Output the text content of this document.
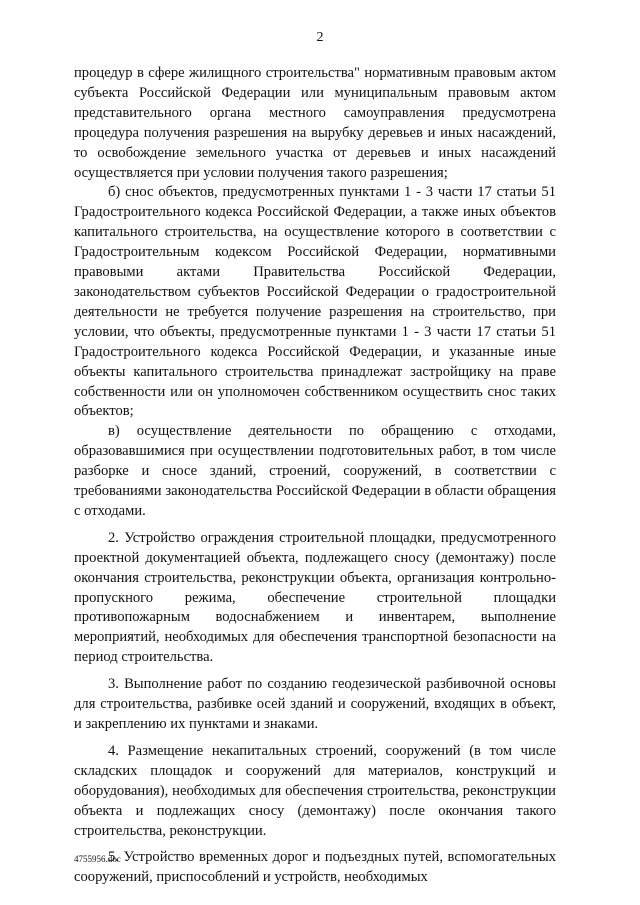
2

процедур в сфере жилищного строительства" нормативным правовым актом субъекта Российской Федерации или муниципальным правовым актом представительного органа местного самоуправления предусмотрена процедура получения разрешения на вырубку деревьев и иных насаждений, то освобождение земельного участка от деревьев и иных насаждений осуществляется при условии получения такого разрешения;

б) снос объектов, предусмотренных пунктами 1 - 3 части 17 статьи 51 Градостроительного кодекса Российской Федерации, а также иных объектов капитального строительства, на осуществление которого в соответствии с Градостроительным кодексом Российской Федерации, нормативными правовыми актами Правительства Российской Федерации, законодательством субъектов Российской Федерации о градостроительной деятельности не требуется получение разрешения на строительство, при условии, что объекты, предусмотренные пунктами 1 - 3 части 17 статьи 51 Градостроительного кодекса Российской Федерации, и указанные иные объекты капитального строительства принадлежат застройщику на праве собственности или он уполномочен собственником осуществить снос таких объектов;

в) осуществление деятельности по обращению с отходами, образовавшимися при осуществлении подготовительных работ, в том числе разборке и сносе зданий, строений, сооружений, в соответствии с требованиями законодательства Российской Федерации в области обращения с отходами.

2. Устройство ограждения строительной площадки, предусмотренного проектной документацией объекта, подлежащего сносу (демонтажу) после окончания строительства, реконструкции объекта, организация контрольно-пропускного режима, обеспечение строительной площадки противопожарным водоснабжением и инвентарем, выполнение мероприятий, необходимых для обеспечения транспортной безопасности на период строительства.

3. Выполнение работ по созданию геодезической разбивочной основы для строительства, разбивке осей зданий и сооружений, входящих в объект, и закреплению их пунктами и знаками.

4. Размещение некапитальных строений, сооружений (в том числе складских площадок и сооружений для материалов, конструкций и оборудования), необходимых для обеспечения строительства, реконструкции объекта и подлежащих сносу (демонтажу) после окончания такого строительства, реконструкции.

5. Устройство временных дорог и подъездных путей, вспомогательных сооружений, приспособлений и устройств, необходимых

4755956.doc
